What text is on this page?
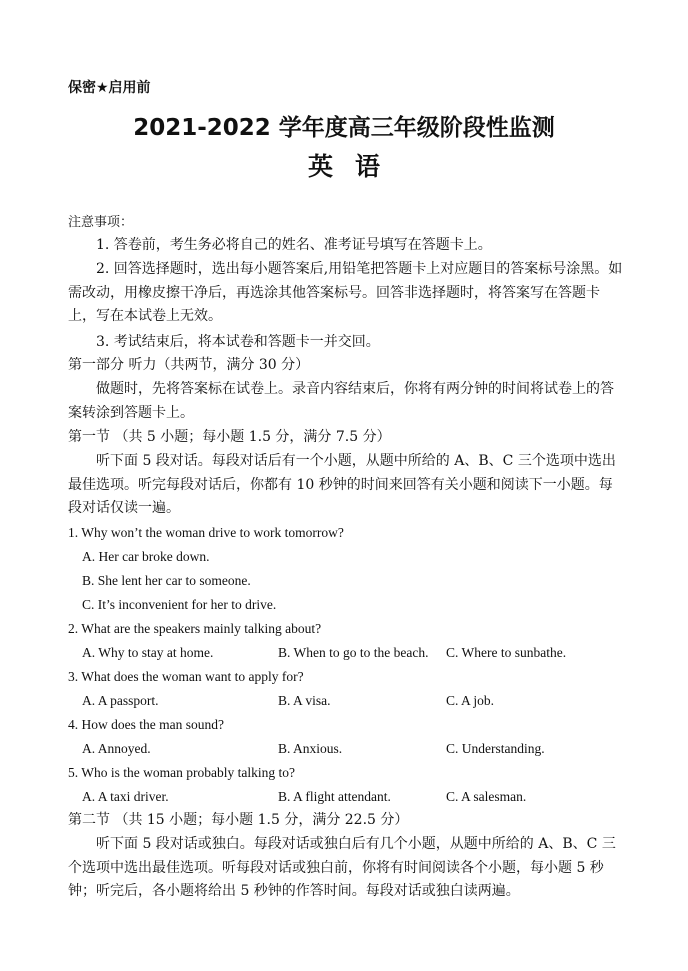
保密★启用前
2021-2022 学年度高三年级阶段性监测
英语
注意事项：
1. 答卷前，考生务必将自己的姓名、准考证号填写在答题卡上。
2. 回答选择题时，选出每小题答案后,用铅笔把答题卡上对应题目的答案标号涂黑。如需改动，用橡皮擦干净后，再选涂其他答案标号。回答非选择题时，将答案写在答题卡上，写在本试卷上无效。
3. 考试结束后，将本试卷和答题卡一并交回。
第一部分 听力（共两节，满分 30 分）
做题时，先将答案标在试卷上。录音内容结束后，你将有两分钟的时间将试卷上的答案转涂到答题卡上。
第一节 （共 5 小题；每小题 1.5 分，满分 7.5 分）
听下面 5 段对话。每段对话后有一个小题，从题中所给的 A、B、C 三个选项中选出最佳选项。听完每段对话后，你都有 10 秒钟的时间来回答有关小题和阅读下一小题。每段对话仅读一遍。
1. Why won’t the woman drive to work tomorrow?
A. Her car broke down.
B. She lent her car to someone.
C. It’s inconvenient for her to drive.
2. What are the speakers mainly talking about?
A. Why to stay at home.	B. When to go to the beach. C. Where to sunbathe.
3. What does the woman want to apply for?
A. A passport.	B. A visa.	C. A job.
4. How does the man sound?
A. Annoyed.	B. Anxious.	C. Understanding.
5. Who is the woman probably talking to?
A. A taxi driver.	B. A flight attendant.	C. A salesman.
第二节 （共 15 小题；每小题 1.5 分，满分 22.5 分）
听下面 5 段对话或独白。每段对话或独白后有几个小题，从题中所给的 A、B、C 三个选项中选出最佳选项。听每段对话或独白前，你将有时间阅读各个小题，每小题 5 秒钟；听完后，各小题将给出 5 秒钟的作答时间。每段对话或独白读两遍。
